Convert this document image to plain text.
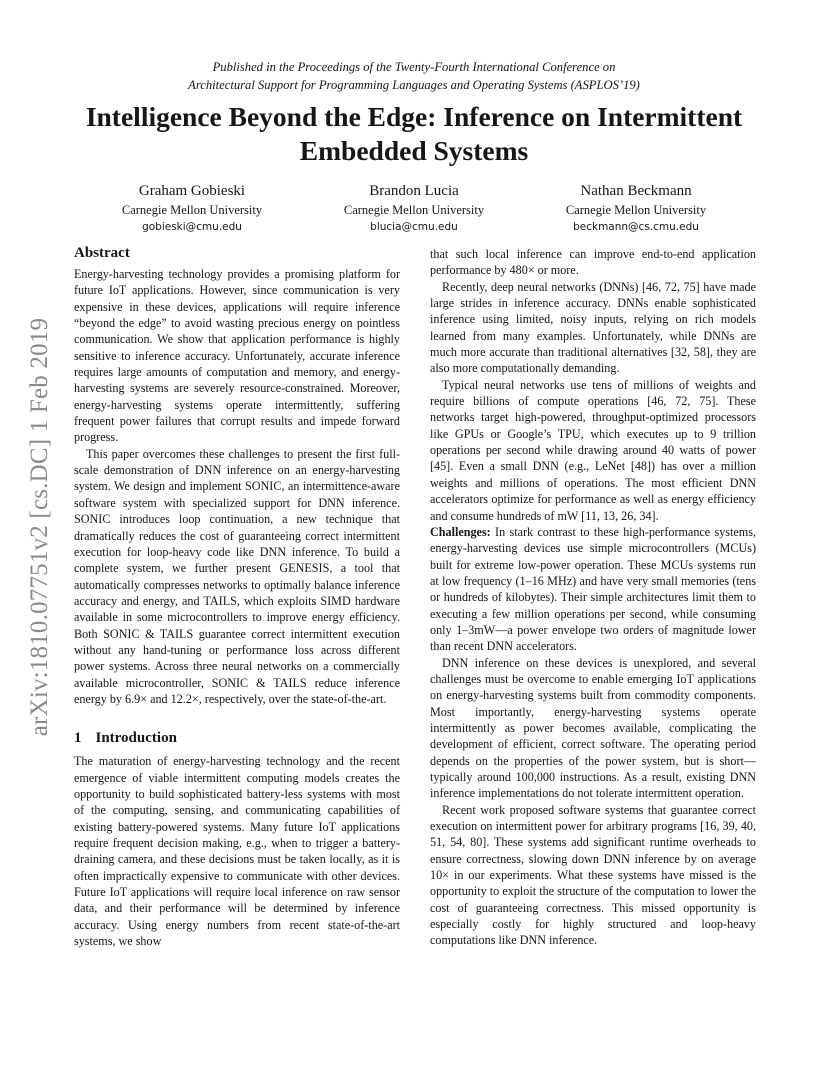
arXiv:1810.07751v2 [cs.DC] 1 Feb 2019
Published in the Proceedings of the Twenty-Fourth International Conference on
Architectural Support for Programming Languages and Operating Systems (ASPLOS’19)
Intelligence Beyond the Edge: Inference on Intermittent Embedded Systems
Graham Gobieski
Carnegie Mellon University
gobieski@cmu.edu
Brandon Lucia
Carnegie Mellon University
blucia@cmu.edu
Nathan Beckmann
Carnegie Mellon University
beckmann@cs.cmu.edu
Abstract

Energy-harvesting technology provides a promising platform for future IoT applications. However, since communication is very expensive in these devices, applications will require inference “beyond the edge” to avoid wasting precious energy on pointless communication. We show that application performance is highly sensitive to inference accuracy. Unfortunately, accurate inference requires large amounts of computation and memory, and energy-harvesting systems are severely resource-constrained. Moreover, energy-harvesting systems operate intermittently, suffering frequent power failures that corrupt results and impede forward progress.

This paper overcomes these challenges to present the first full-scale demonstration of DNN inference on an energy-harvesting system. We design and implement SONIC, an intermittence-aware software system with specialized support for DNN inference. SONIC introduces loop continuation, a new technique that dramatically reduces the cost of guaranteeing correct intermittent execution for loop-heavy code like DNN inference. To build a complete system, we further present GENESIS, a tool that automatically compresses networks to optimally balance inference accuracy and energy, and TAILS, which exploits SIMD hardware available in some microcontrollers to improve energy efficiency. Both SONIC & TAILS guarantee correct intermittent execution without any hand-tuning or performance loss across different power systems. Across three neural networks on a commercially available microcontroller, SONIC & TAILS reduce inference energy by 6.9× and 12.2×, respectively, over the state-of-the-art.

1 Introduction

The maturation of energy-harvesting technology and the recent emergence of viable intermittent computing models creates the opportunity to build sophisticated battery-less systems with most of the computing, sensing, and communicating capabilities of existing battery-powered systems. Many future IoT applications require frequent decision making, e.g., when to trigger a battery-draining camera, and these decisions must be taken locally, as it is often impractically expensive to communicate with other devices. Future IoT applications will require local inference on raw sensor data, and their performance will be determined by inference accuracy. Using energy numbers from recent state-of-the-art systems, we show

that such local inference can improve end-to-end application performance by 480× or more.

Recently, deep neural networks (DNNs) [46, 72, 75] have made large strides in inference accuracy. DNNs enable sophisticated inference using limited, noisy inputs, relying on rich models learned from many examples. Unfortunately, while DNNs are much more accurate than traditional alternatives [32, 58], they are also more computationally demanding.

Typical neural networks use tens of millions of weights and require billions of compute operations [46, 72, 75]. These networks target high-powered, throughput-optimized processors like GPUs or Google’s TPU, which executes up to 9 trillion operations per second while drawing around 40 watts of power [45]. Even a small DNN (e.g., LeNet [48]) has over a million weights and millions of operations. The most efficient DNN accelerators optimize for performance as well as energy efficiency and consume hundreds of mW [11, 13, 26, 34].

Challenges: In stark contrast to these high-performance systems, energy-harvesting devices use simple microcontrollers (MCUs) built for extreme low-power operation. These MCUs systems run at low frequency (1–16 MHz) and have very small memories (tens or hundreds of kilobytes). Their simple architectures limit them to executing a few million operations per second, while consuming only 1–3mW—a power envelope two orders of magnitude lower than recent DNN accelerators.

DNN inference on these devices is unexplored, and several challenges must be overcome to enable emerging IoT applications on energy-harvesting systems built from commodity components. Most importantly, energy-harvesting systems operate intermittently as power becomes available, complicating the development of efficient, correct software. The operating period depends on the properties of the power system, but is short—typically around 100,000 instructions. As a result, existing DNN inference implementations do not tolerate intermittent operation.

Recent work proposed software systems that guarantee correct execution on intermittent power for arbitrary programs [16, 39, 40, 51, 54, 80]. These systems add significant runtime overheads to ensure correctness, slowing down DNN inference by on average 10× in our experiments. What these systems have missed is the opportunity to exploit the structure of the computation to lower the cost of guaranteeing correctness. This missed opportunity is especially costly for highly structured and loop-heavy computations like DNN inference.
